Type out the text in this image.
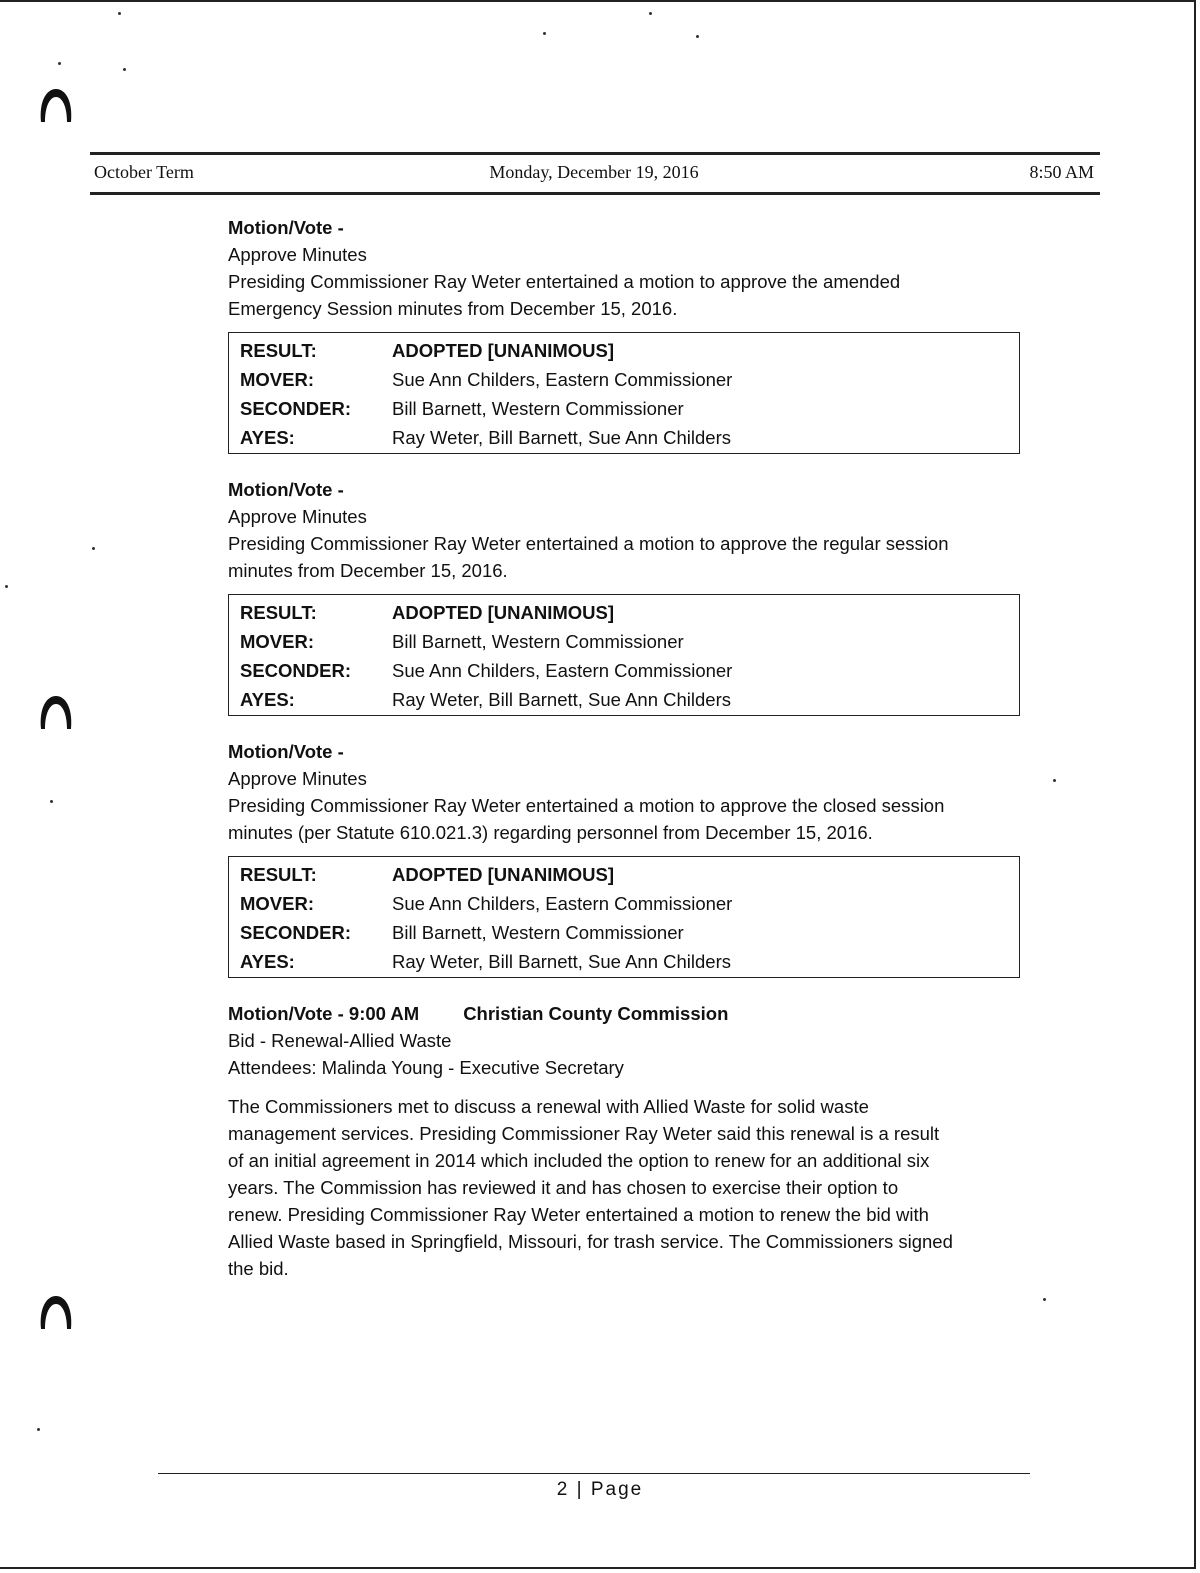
October Term	Monday, December 19, 2016	8:50 AM
Motion/Vote -
Approve Minutes
Presiding Commissioner Ray Weter entertained a motion to approve the amended
Emergency Session minutes from December 15, 2016.
RESULT:	ADOPTED [UNANIMOUS]
MOVER:	Sue Ann Childers, Eastern Commissioner
SECONDER:	Bill Barnett, Western Commissioner
AYES:	Ray Weter, Bill Barnett, Sue Ann Childers
Motion/Vote -
Approve Minutes
Presiding Commissioner Ray Weter entertained a motion to approve the regular session
minutes from December 15, 2016.
RESULT:	ADOPTED [UNANIMOUS]
MOVER:	Bill Barnett, Western Commissioner
SECONDER:	Sue Ann Childers, Eastern Commissioner
AYES:	Ray Weter, Bill Barnett, Sue Ann Childers
Motion/Vote -
Approve Minutes
Presiding Commissioner Ray Weter entertained a motion to approve the closed session
minutes (per Statute 610.021.3) regarding personnel from December 15, 2016.
RESULT:	ADOPTED [UNANIMOUS]
MOVER:	Sue Ann Childers, Eastern Commissioner
SECONDER:	Bill Barnett, Western Commissioner
AYES:	Ray Weter, Bill Barnett, Sue Ann Childers
Motion/Vote - 9:00 AM Christian County Commission
Bid - Renewal-Allied Waste
Attendees: Malinda Young - Executive Secretary
The Commissioners met to discuss a renewal with Allied Waste for solid waste
management services. Presiding Commissioner Ray Weter said this renewal is a result
of an initial agreement in 2014 which included the option to renew for an additional six
years. The Commission has reviewed it and has chosen to exercise their option to
renew. Presiding Commissioner Ray Weter entertained a motion to renew the bid with
Allied Waste based in Springfield, Missouri, for trash service. The Commissioners signed
the bid.
2 | Page
